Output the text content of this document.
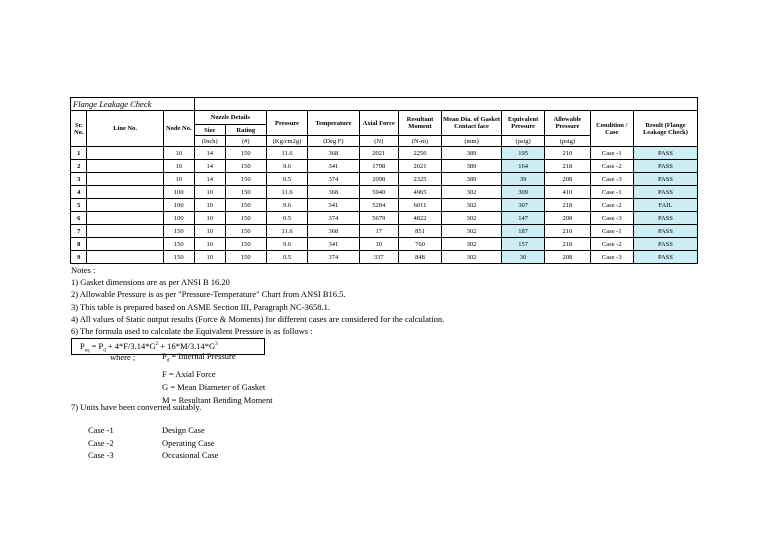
Flange Leakage Check													
Sr. No.	Line No.	Node No.	Nozzle Details		Pressure	Temperature	Axial Force	Resultant Moment	Mean Dia. of Gasket Contact face	Equivalent Pressure	Allowable Pressure	Condition / Case	Result (Flange Leakage Check)
			Size	Rating									
			(Inch)	(#)	(Kg/cm2g)	(Deg F)	(N)	(N-m)	(mm)	(psig)	(psig)		
1		10	14	150	11.6	368	2021	2256	389	195	210	Case -1	PASS
2		10	14	150	9.6	341	1798	2021	389	164	218	Case -2	PASS
3		10	14	150	0.5	374	2098	2325	389	39	208	Case -3	PASS
4		100	10	150	11.6	368	5940	4965	302	309	410	Case -1	PASS
5		100	10	150	9.6	341	5284	6011	302	307	218	Case -2	FAIL
6		100	10	150	0.5	374	5679	4822	302	147	208	Case -3	PASS
7		150	10	150	11.6	368	17	851	302	187	210	Case -1	PASS
8		150	10	150	9.6	341	10	760	302	157	218	Case -2	PASS
9		150	10	150	0.5	374	337	848	302	30	208	Case -3	PASS
Notes :
1) Gasket dimensions are as per ANSI B 16.20
2) Allowable Pressure is as per "Pressure-Temperature" Chart from ANSI B16.5.
3) This table is prepared based on ASME Section III, Paragraph NC-3658.1.
4) All values of Static output results (Force & Moments) for different cases are considered for the calculation.
6) The formula used to calculate the Equivalent Pressure is as follows :
$P_{eq} = P_d + 4*F/3.14*G^2 + 16*M/3.14*G^3$
where ;	$P_d$ = Internal Pressure
F = Axial Force
G = Mean Diameter of Gasket
M = Resultant Bending Moment
7) Units have been converted suitably.
Case -1	Design Case
Case -2	Operating Case
Case -3	Occasional Case
